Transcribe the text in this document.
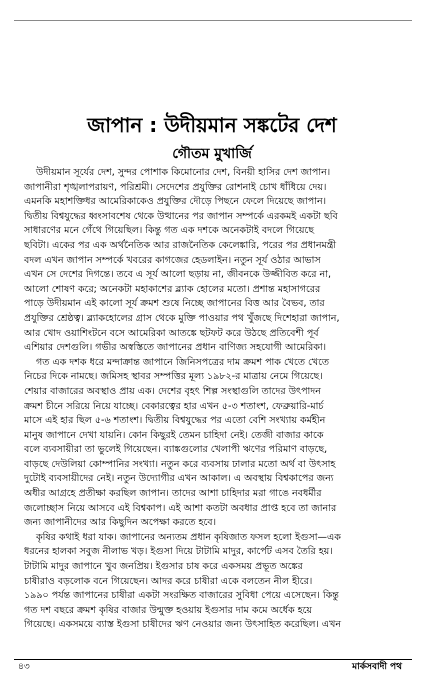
জাপান : উদীয়মান সঙ্কটের দেশ
গৌতম মুখার্জি
উদীয়মান সূর্যের দেশ, সুন্দর পোশাক কিমোনোর দেশ, বিনয়ী হাসির দেশ জাপান।
জাপানীরা শৃঙ্খলাপরায়ণ, পরিশ্রমী। সেদেশের প্রযুক্তির রোশনাই চোখ ধাঁধিয়ে দেয়।
এমনকি মহাশক্তিধর আমেরিকাকেও প্রযুক্তির দৌড়ে পিছনে ফেলে দিয়েছে জাপান।
দ্বিতীয় বিশ্বযুদ্ধের ধ্বংসাবশেষ থেকে উত্থানের পর জাপান সম্পর্কে এরকমই একটা ছবি
সাধারণের মনে গেঁথে গিয়েছিল। কিন্তু গত এক দশকে অনেকটাই বদলে গিয়েছে
ছবিটা। একের পর এক অর্থনৈতিক আর রাজনৈতিক কেলেঙ্কারি, পরের পর প্রধানমন্ত্রী
বদল এখন জাপান সম্পর্কে খবরের কাগজের হেডলাইন। নতুন সূর্য ওঠার আভাস
এখন সে দেশের দিগন্তে। তবে এ সূর্য আলো ছড়ায় না, জীবনকে উজ্জীবিত করে না,
আলো শোষণ করে; অনেকটা মহাকাশের ব্ল্যাক হোলের মতো। প্রশান্ত মহাসাগরের
পাড়ে উদীয়মান এই কালো সূর্য ক্রমশ শুষে নিচ্ছে জাপানের বিত্ত আর বৈভব, তার
প্রযুক্তির শ্রেষ্ঠত্ব। ব্ল্যাকহোলের গ্রাস থেকে মুক্তি পাওয়ার পথ খুঁজছে দিশেহারা জাপান,
আর খোদ ওয়াশিংটনে বসে আমেরিকা আতঙ্কে ছটফট করে উঠছে প্রতিবেশী পূর্ব
এশিয়ার দেশগুলি। গভীর অস্বস্তিতে জাপানের প্রধান বাণিজ্য সহযোগী আমেরিকা।
গত এক দশক ধরে মন্দাক্রান্ত জাপানে জিনিসপত্রের দাম ক্রমশ পাক খেতে খেতে
নিচের দিকে নামছে। জমিসহ স্থাবর সম্পত্তির মূল্য ১৯৮২-র মাত্রায় নেমে গিয়েছে।
শেয়ার বাজারের অবস্থাও প্রায় এক। দেশের বৃহৎ শিল্প সংস্থাগুলি তাদের উৎপাদন
ক্রমশ চীনে সরিয়ে নিয়ে যাচ্ছে। বেকারত্বের হার এখন ৫-৩ শতাংশ, ফেব্রুয়ারি-মার্চ
মাসে এই হার ছিল ৫-৬ শতাংশ। দ্বিতীয় বিশ্বযুদ্ধের পর এতো বেশি সংখ্যায় কর্মহীন
মানুষ জাপানে দেখা যায়নি। কোন কিছুরই তেমন চাহিদা নেই। তেজী বাজার কাকে
বলে ব্যবসায়ীরা তা ভুলেই গিয়েছেন। ব্যাঙ্কগুলোর খেলাপী ঋণের পরিমাণ বাড়ছে,
বাড়ছে দেউলিয়া কোম্পানির সংখ্যা। নতুন করে ব্যবসায় ঢালার মতো অর্থ বা উৎসাহ
দুটোই ব্যবসায়ীদের নেই। নতুন উদ্যোগীর এখন আকাল। এ অবস্থায় বিশ্বকাপের জন্য
অধীর আগ্রহে প্রতীক্ষা করছিল জাপান। তাদের আশা চাহিদার মরা গাঙে নবধর্মীর
জলোচ্ছাস নিয়ে আসবে এই বিশ্বকাপ। এই আশা কতটা অবধার প্রাপ্ত হবে তা জানার
জন্য জাপানীদের আর কিছুদিন অপেক্ষা করতে হবে।
কৃষির কথাই ধরা যাক। জাপানের অন্যতম প্রধান কৃষিজাত ফসল হলো ইগুসা—এক
ধরনের হালকা সবুজ নীলাভ খড়। ইগুসা দিয়ে টাটামি মাদুর, কার্পেট এসব তৈরি হয়।
টাটামি মাদুর জাপানে খুব জনপ্রিয়। ইগুসার চাষ করে একসময় প্রভূত অঙ্কের
চাষীরাও বড়লোক বনে গিয়েছেন। আদর করে চাষীরা একে বলতেন নীল হীরে।
১৯৯০ পর্যন্ত জাপানের চাষীরা একটা সংরক্ষিত বাজারের সুবিধা পেয়ে এসেছেন। কিন্তু
গত দশ বছরে ক্রমশ কৃষির বাজার উন্মুক্ত হওয়ায় ইগুসার দাম কমে অর্ধেক হয়ে
গিয়েছে। একসময়ে ব্যাস্ত ইগুসা চাষীদের ঋণ নেওয়ার জন্য উৎসাহিত করেছিল। এখন
৪৩	মার্কসবাদী পথ
